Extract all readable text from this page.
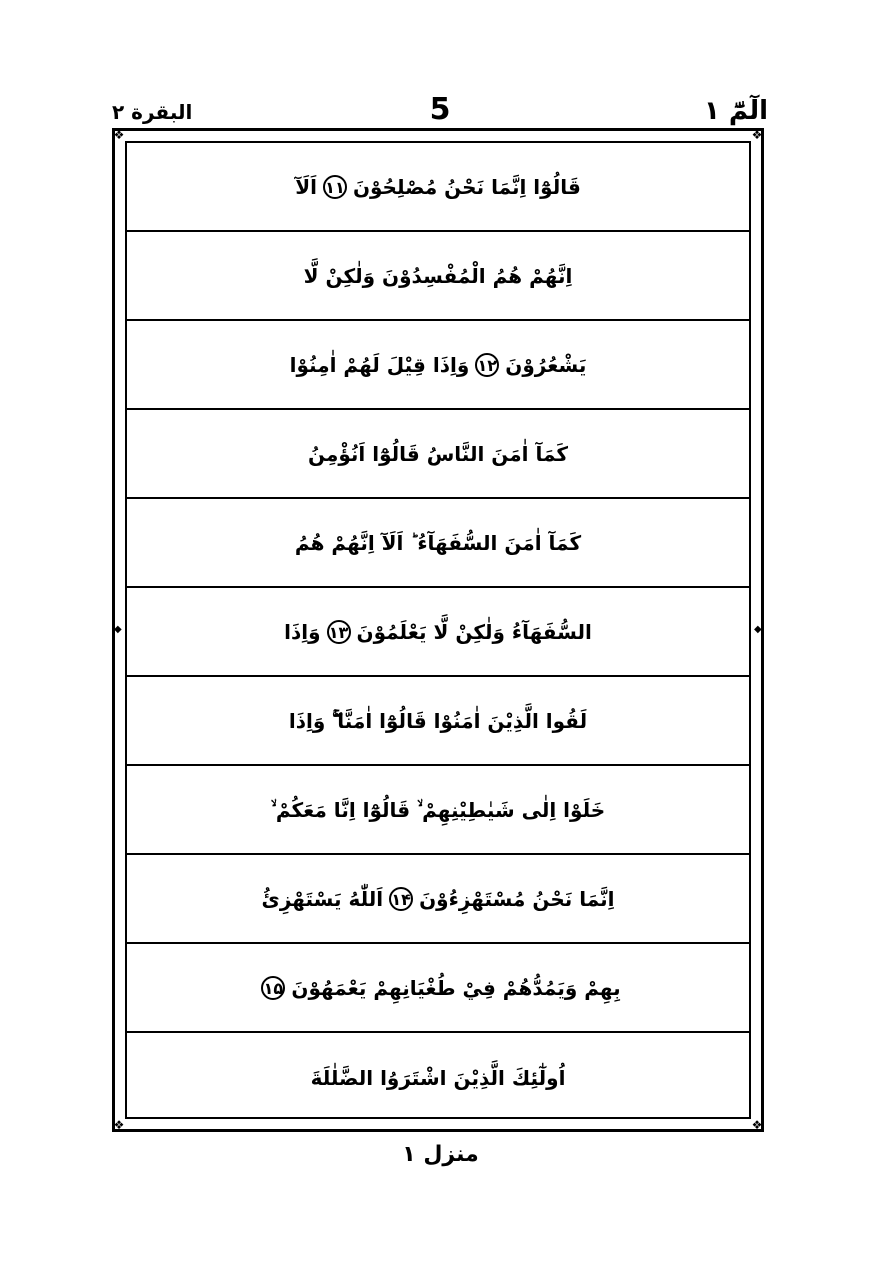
الٓمّٓ ۱
5
البقرة ۲
❖	❖
❖	❖
◆	◆
قَالُوْٓا اِنَّمَا نَحْنُ مُصْلِحُوْنَ
۱۱
اَلَآ
اِنَّهُمْ هُمُ الْمُفْسِدُوْنَ وَلٰكِنْ لَّا
يَشْعُرُوْنَ
۱۲
وَاِذَا قِيْلَ لَهُمْ اٰمِنُوْا
كَمَآ اٰمَنَ النَّاسُ قَالُوْٓا اَنُؤْمِنُ
كَمَآ اٰمَنَ السُّفَهَآءُ ؕ اَلَآ اِنَّهُمْ هُمُ
السُّفَهَآءُ وَلٰكِنْ لَّا يَعْلَمُوْنَ
۱۳
وَاِذَا
لَقُوا الَّذِيْنَ اٰمَنُوْا قَالُوْٓا اٰمَنَّا ۖۚ وَاِذَا
خَلَوْا اِلٰى شَيٰطِيْنِهِمْ ۙ قَالُوْٓا اِنَّا مَعَكُمْ ۙ
اِنَّمَا نَحْنُ مُسْتَهْزِءُوْنَ
۱۴
اَللّٰهُ يَسْتَهْزِئُ
بِهِمْ وَيَمُدُّهُمْ فِيْ طُغْيَانِهِمْ يَعْمَهُوْنَ
۱۵
اُولٰٓئِكَ الَّذِيْنَ اشْتَرَوُا الضَّلٰلَةَ
منزل ۱
